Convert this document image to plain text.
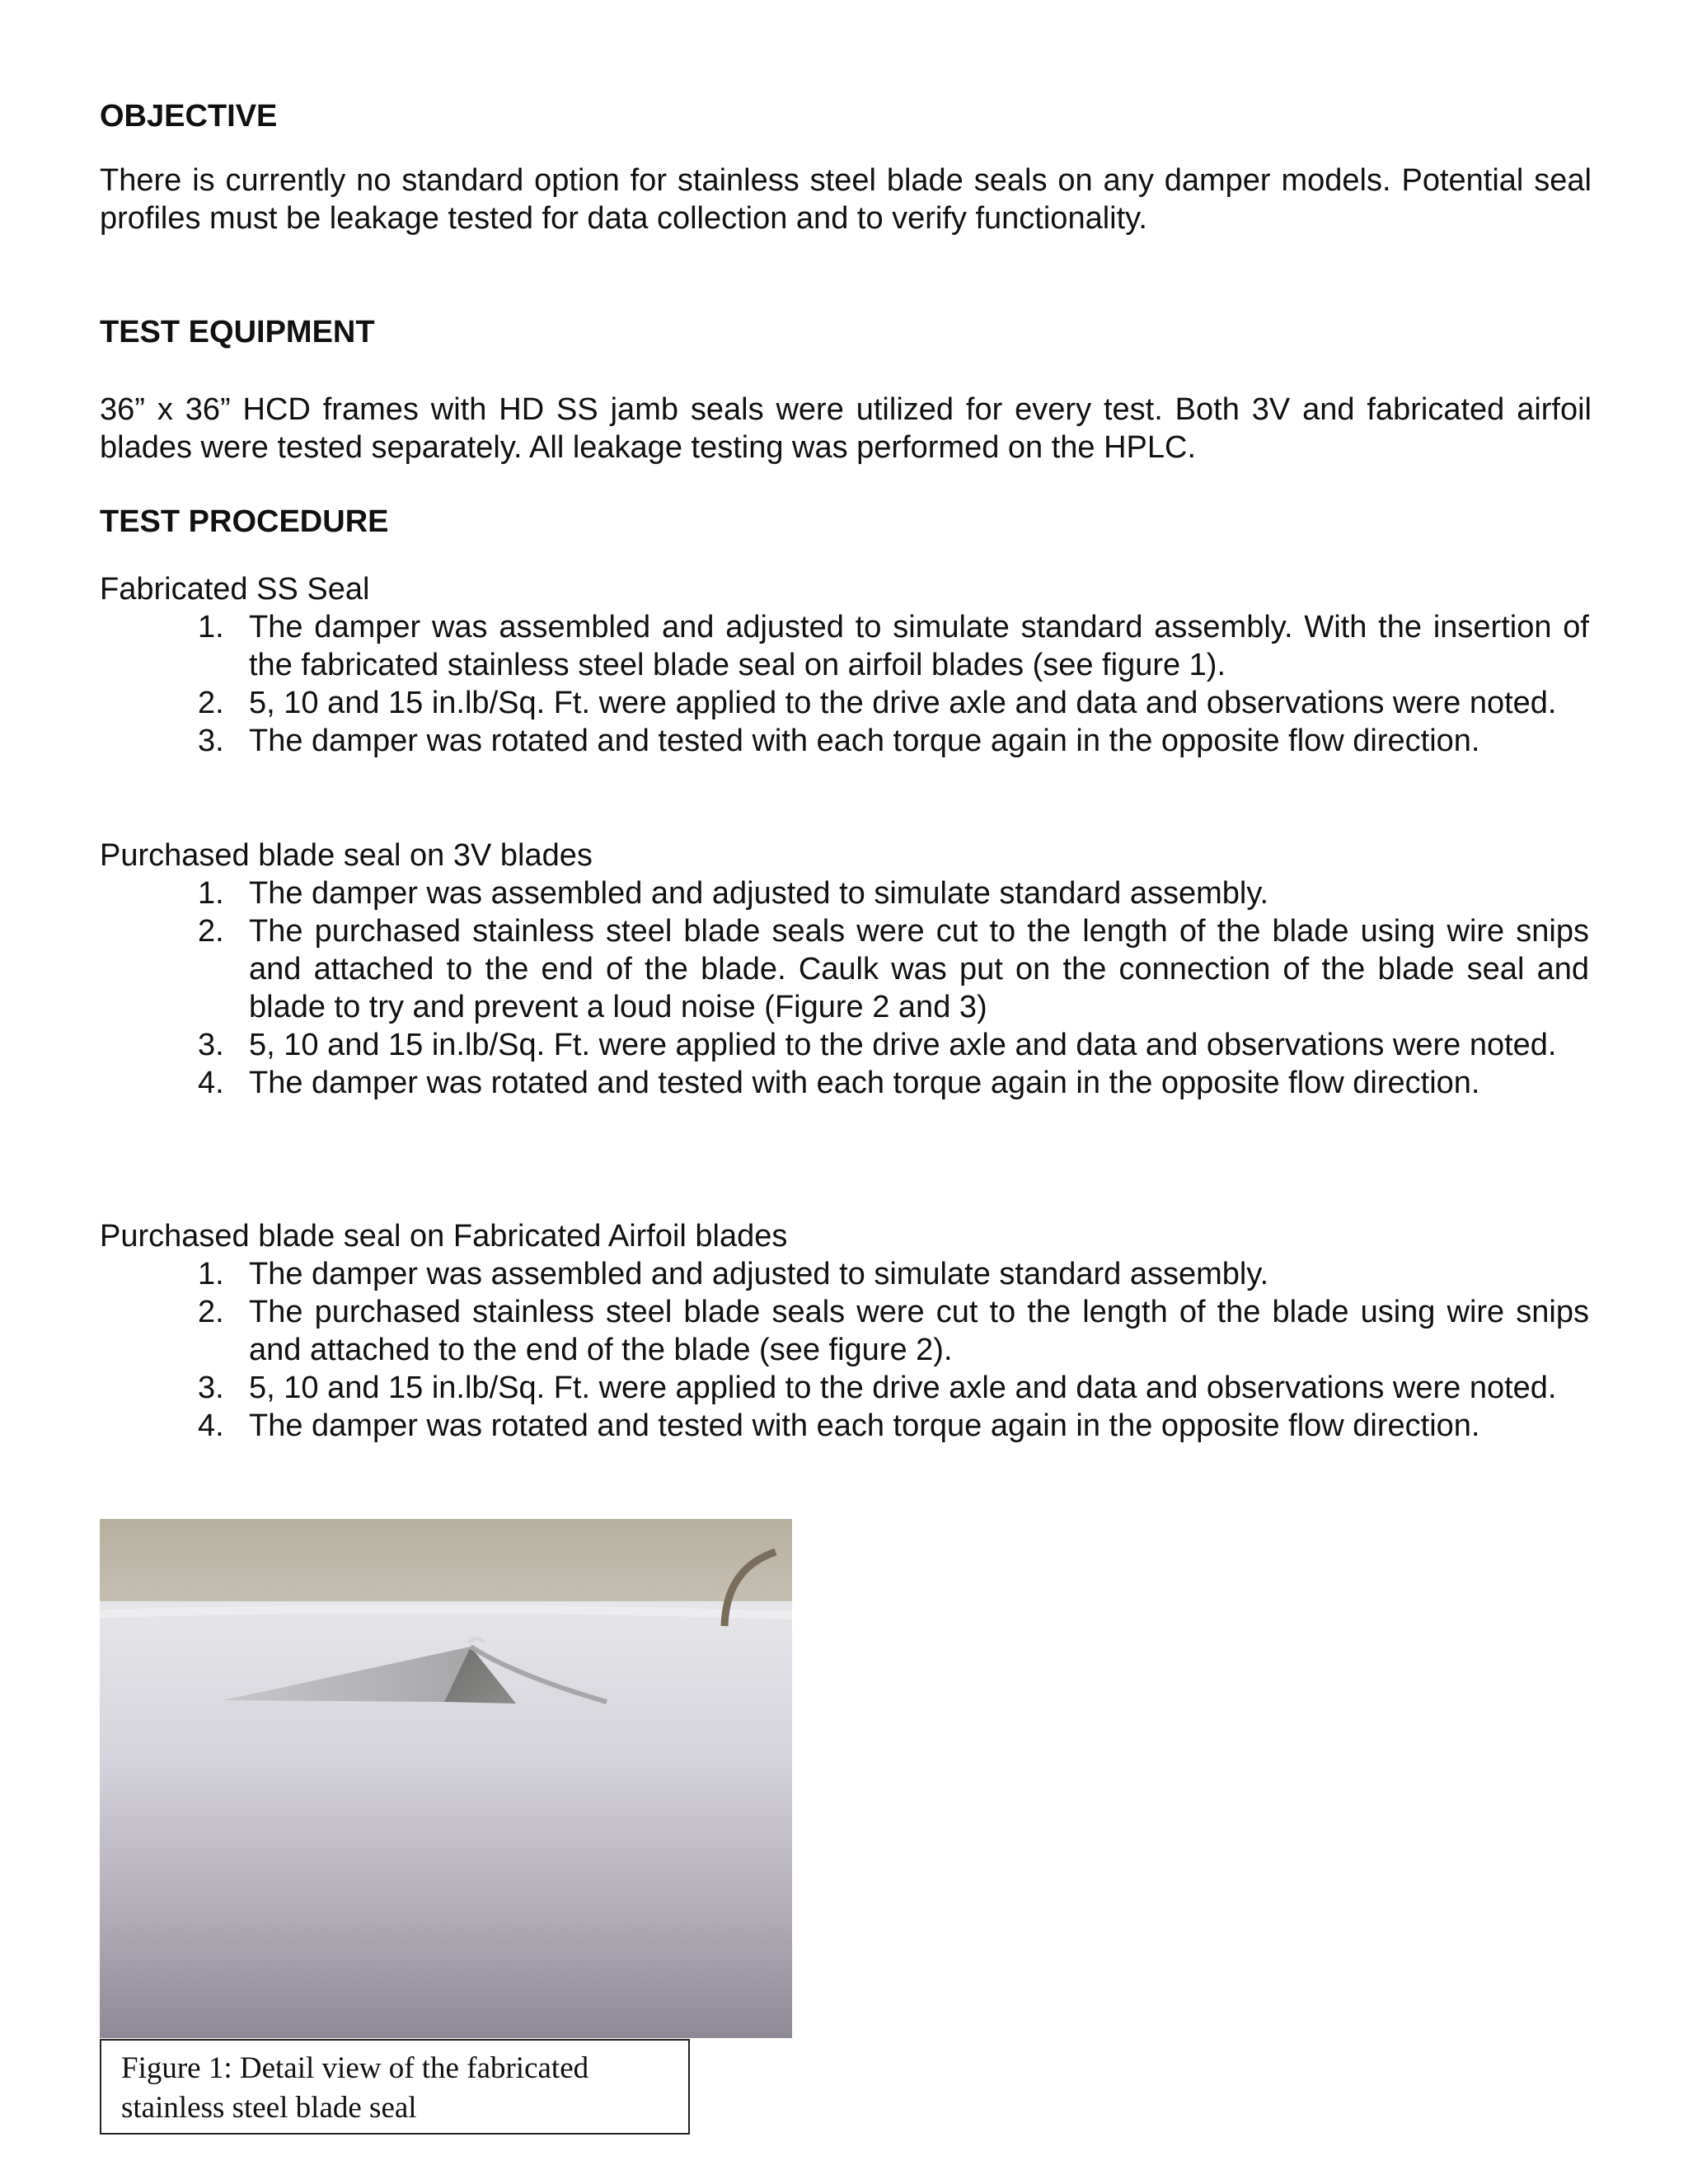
OBJECTIVE

There is currently no standard option for stainless steel blade seals on any damper models. Potential seal profiles must be leakage tested for data collection and to verify functionality.

TEST EQUIPMENT

36” x 36” HCD frames with HD SS jamb seals were utilized for every test. Both 3V and fabricated airfoil blades were tested separately. All leakage testing was performed on the HPLC.

TEST PROCEDURE

Fabricated SS Seal

1. The damper was assembled and adjusted to simulate standard assembly. With the insertion of the fabricated stainless steel blade seal on airfoil blades (see figure 1).
2. 5, 10 and 15 in.lb/Sq. Ft. were applied to the drive axle and data and observations were noted.
3. The damper was rotated and tested with each torque again in the opposite flow direction.

Purchased blade seal on 3V blades

1. The damper was assembled and adjusted to simulate standard assembly.
2. The purchased stainless steel blade seals were cut to the length of the blade using wire snips and attached to the end of the blade. Caulk was put on the connection of the blade seal and blade to try and prevent a loud noise (Figure 2 and 3)
3. 5, 10 and 15 in.lb/Sq. Ft. were applied to the drive axle and data and observations were noted.
4. The damper was rotated and tested with each torque again in the opposite flow direction.

Purchased blade seal on Fabricated Airfoil blades

1. The damper was assembled and adjusted to simulate standard assembly.
2. The purchased stainless steel blade seals were cut to the length of the blade using wire snips and attached to the end of the blade (see figure 2).
3. 5, 10 and 15 in.lb/Sq. Ft. were applied to the drive axle and data and observations were noted.
4. The damper was rotated and tested with each torque again in the opposite flow direction.
Figure 1: Detail view of the fabricated
stainless steel blade seal
